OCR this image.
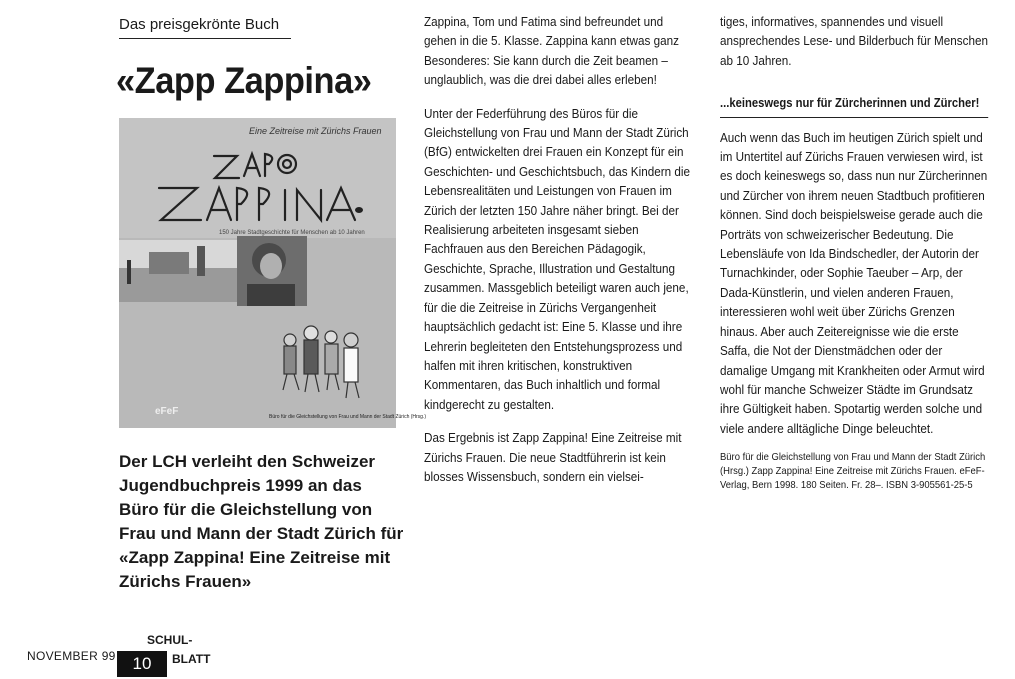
Das preisgekrönte Buch
«Zapp Zappina»
Eine Zeitreise mit Zürichs Frauen
150 Jahre Stadtgeschichte für Menschen ab 10 Jahren
eFeF	Büro für die Gleichstellung von Frau und Mann der Stadt Zürich (Hrsg.)
Der LCH verleiht den Schweizer Jugendbuchpreis 1999 an das Büro für die Gleichstellung von Frau und Mann der Stadt Zürich für «Zapp Zappina! Eine Zeitreise mit Zürichs Frauen»

Zappina, Tom und Fatima sind befreundet und gehen in die 5. Klasse. Zappina kann etwas ganz Besonderes: Sie kann durch die Zeit beamen – unglaublich, was die drei dabei alles erleben!

Unter der Federführung des Büros für die Gleichstellung von Frau und Mann der Stadt Zürich (BfG) entwickelten drei Frauen ein Konzept für ein Geschichten- und Geschichtsbuch, das Kindern die Lebensrealitäten und Leistungen von Frauen im Zürich der letzten 150 Jahre näher bringt. Bei der Realisierung arbeiteten insgesamt sieben Fachfrauen aus den Bereichen Pädagogik, Geschichte, Sprache, Illustration und Gestaltung zusammen. Massgeblich beteiligt waren auch jene, für die die Zeitreise in Zürichs Vergangenheit hauptsächlich gedacht ist: Eine 5. Klasse und ihre Lehrerin begleiteten den Entstehungsprozess und halfen mit ihren kritischen, konstruktiven Kommentaren, das Buch inhaltlich und formal kindgerecht zu gestalten.

Das Ergebnis ist Zapp Zappina! Eine Zeitreise mit Zürichs Frauen. Die neue Stadtführerin ist kein blosses Wissensbuch, sondern ein vielsei-

tiges, informatives, spannendes und visuell ansprechendes Lese- und Bilderbuch für Menschen ab 10 Jahren.

...keineswegs nur für Zürcherinnen und Zürcher!

Auch wenn das Buch im heutigen Zürich spielt und im Untertitel auf Zürichs Frauen verwiesen wird, ist es doch keineswegs so, dass nun nur Zürcherinnen und Zürcher von ihrem neuen Stadtbuch profitieren können. Sind doch beispielsweise gerade auch die Porträts von schweizerischer Bedeutung. Die Lebensläufe von Ida Bindschedler, der Autorin der Turnachkinder, oder Sophie Taeuber – Arp, der Dada-Künstlerin, und vielen anderen Frauen, interessieren wohl weit über Zürichs Grenzen hinaus. Aber auch Zeitereignisse wie die erste Saffa, die Not der Dienstmädchen oder der damalige Umgang mit Krankheiten oder Armut wird wohl für manche Schweizer Städte im Grundsatz ihre Gültigkeit haben. Spotartig werden solche und viele andere alltägliche Dinge beleuchtet.

Büro für die Gleichstellung von Frau und Mann der Stadt Zürich (Hrsg.) Zapp Zappina! Eine Zeitreise mit Zürichs Frauen. eFeF-Verlag, Bern 1998. 180 Seiten. Fr. 28–. ISBN 3-905561-25-5

NOVEMBER 99 10
SCHUL-
BLATT
